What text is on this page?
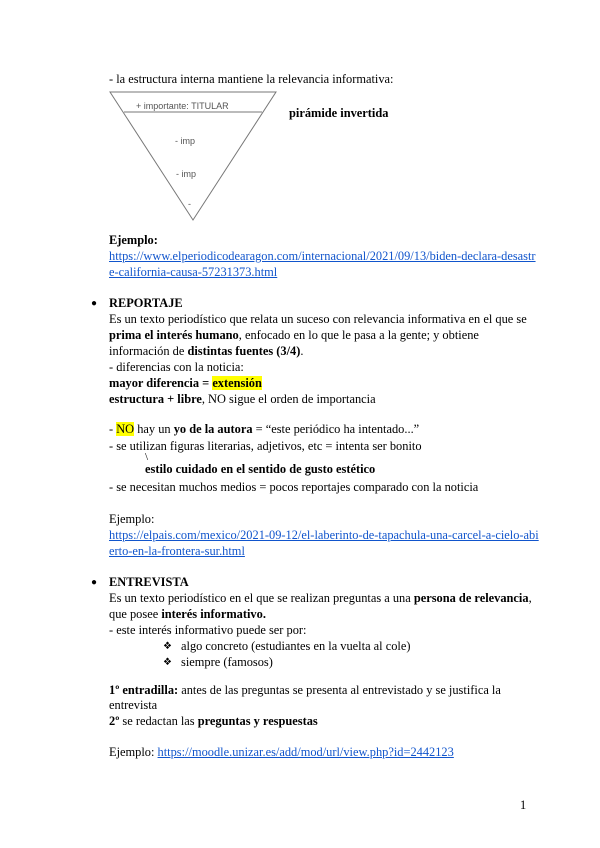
- la estructura interna mantiene la relevancia informativa:
+ importante: TITULAR
- imp
- imp
-
pirámide invertida
Ejemplo:
https://www.elperiodicodearagon.com/internacional/2021/09/13/biden-declara-desastr
e-california-causa-57231373.html
● REPORTAJE
Es un texto periodístico que relata un suceso con relevancia informativa en el que se
prima el interés humano, enfocado en lo que le pasa a la gente; y obtiene
información de distintas fuentes (3/4).
- diferencias con la noticia:
mayor diferencia = extensión
estructura + libre, NO sigue el orden de importancia
- NO hay un yo de la autora = “este periódico ha intentado...”
- se utilizan figuras literarias, adjetivos, etc = intenta ser bonito
\
estilo cuidado en el sentido de gusto estético
- se necesitan muchos medios = pocos reportajes comparado con la noticia
Ejemplo:
https://elpais.com/mexico/2021-09-12/el-laberinto-de-tapachula-una-carcel-a-cielo-abi
erto-en-la-frontera-sur.html
● ENTREVISTA
Es un texto periodístico en el que se realizan preguntas a una persona de relevancia,
que posee interés informativo.
- este interés informativo puede ser por:
❖ algo concreto (estudiantes en la vuelta al cole)
❖ siempre (famosos)
1º entradilla: antes de las preguntas se presenta al entrevistado y se justifica la
entrevista
2º se redactan las preguntas y respuestas
Ejemplo: https://moodle.unizar.es/add/mod/url/view.php?id=2442123
1
